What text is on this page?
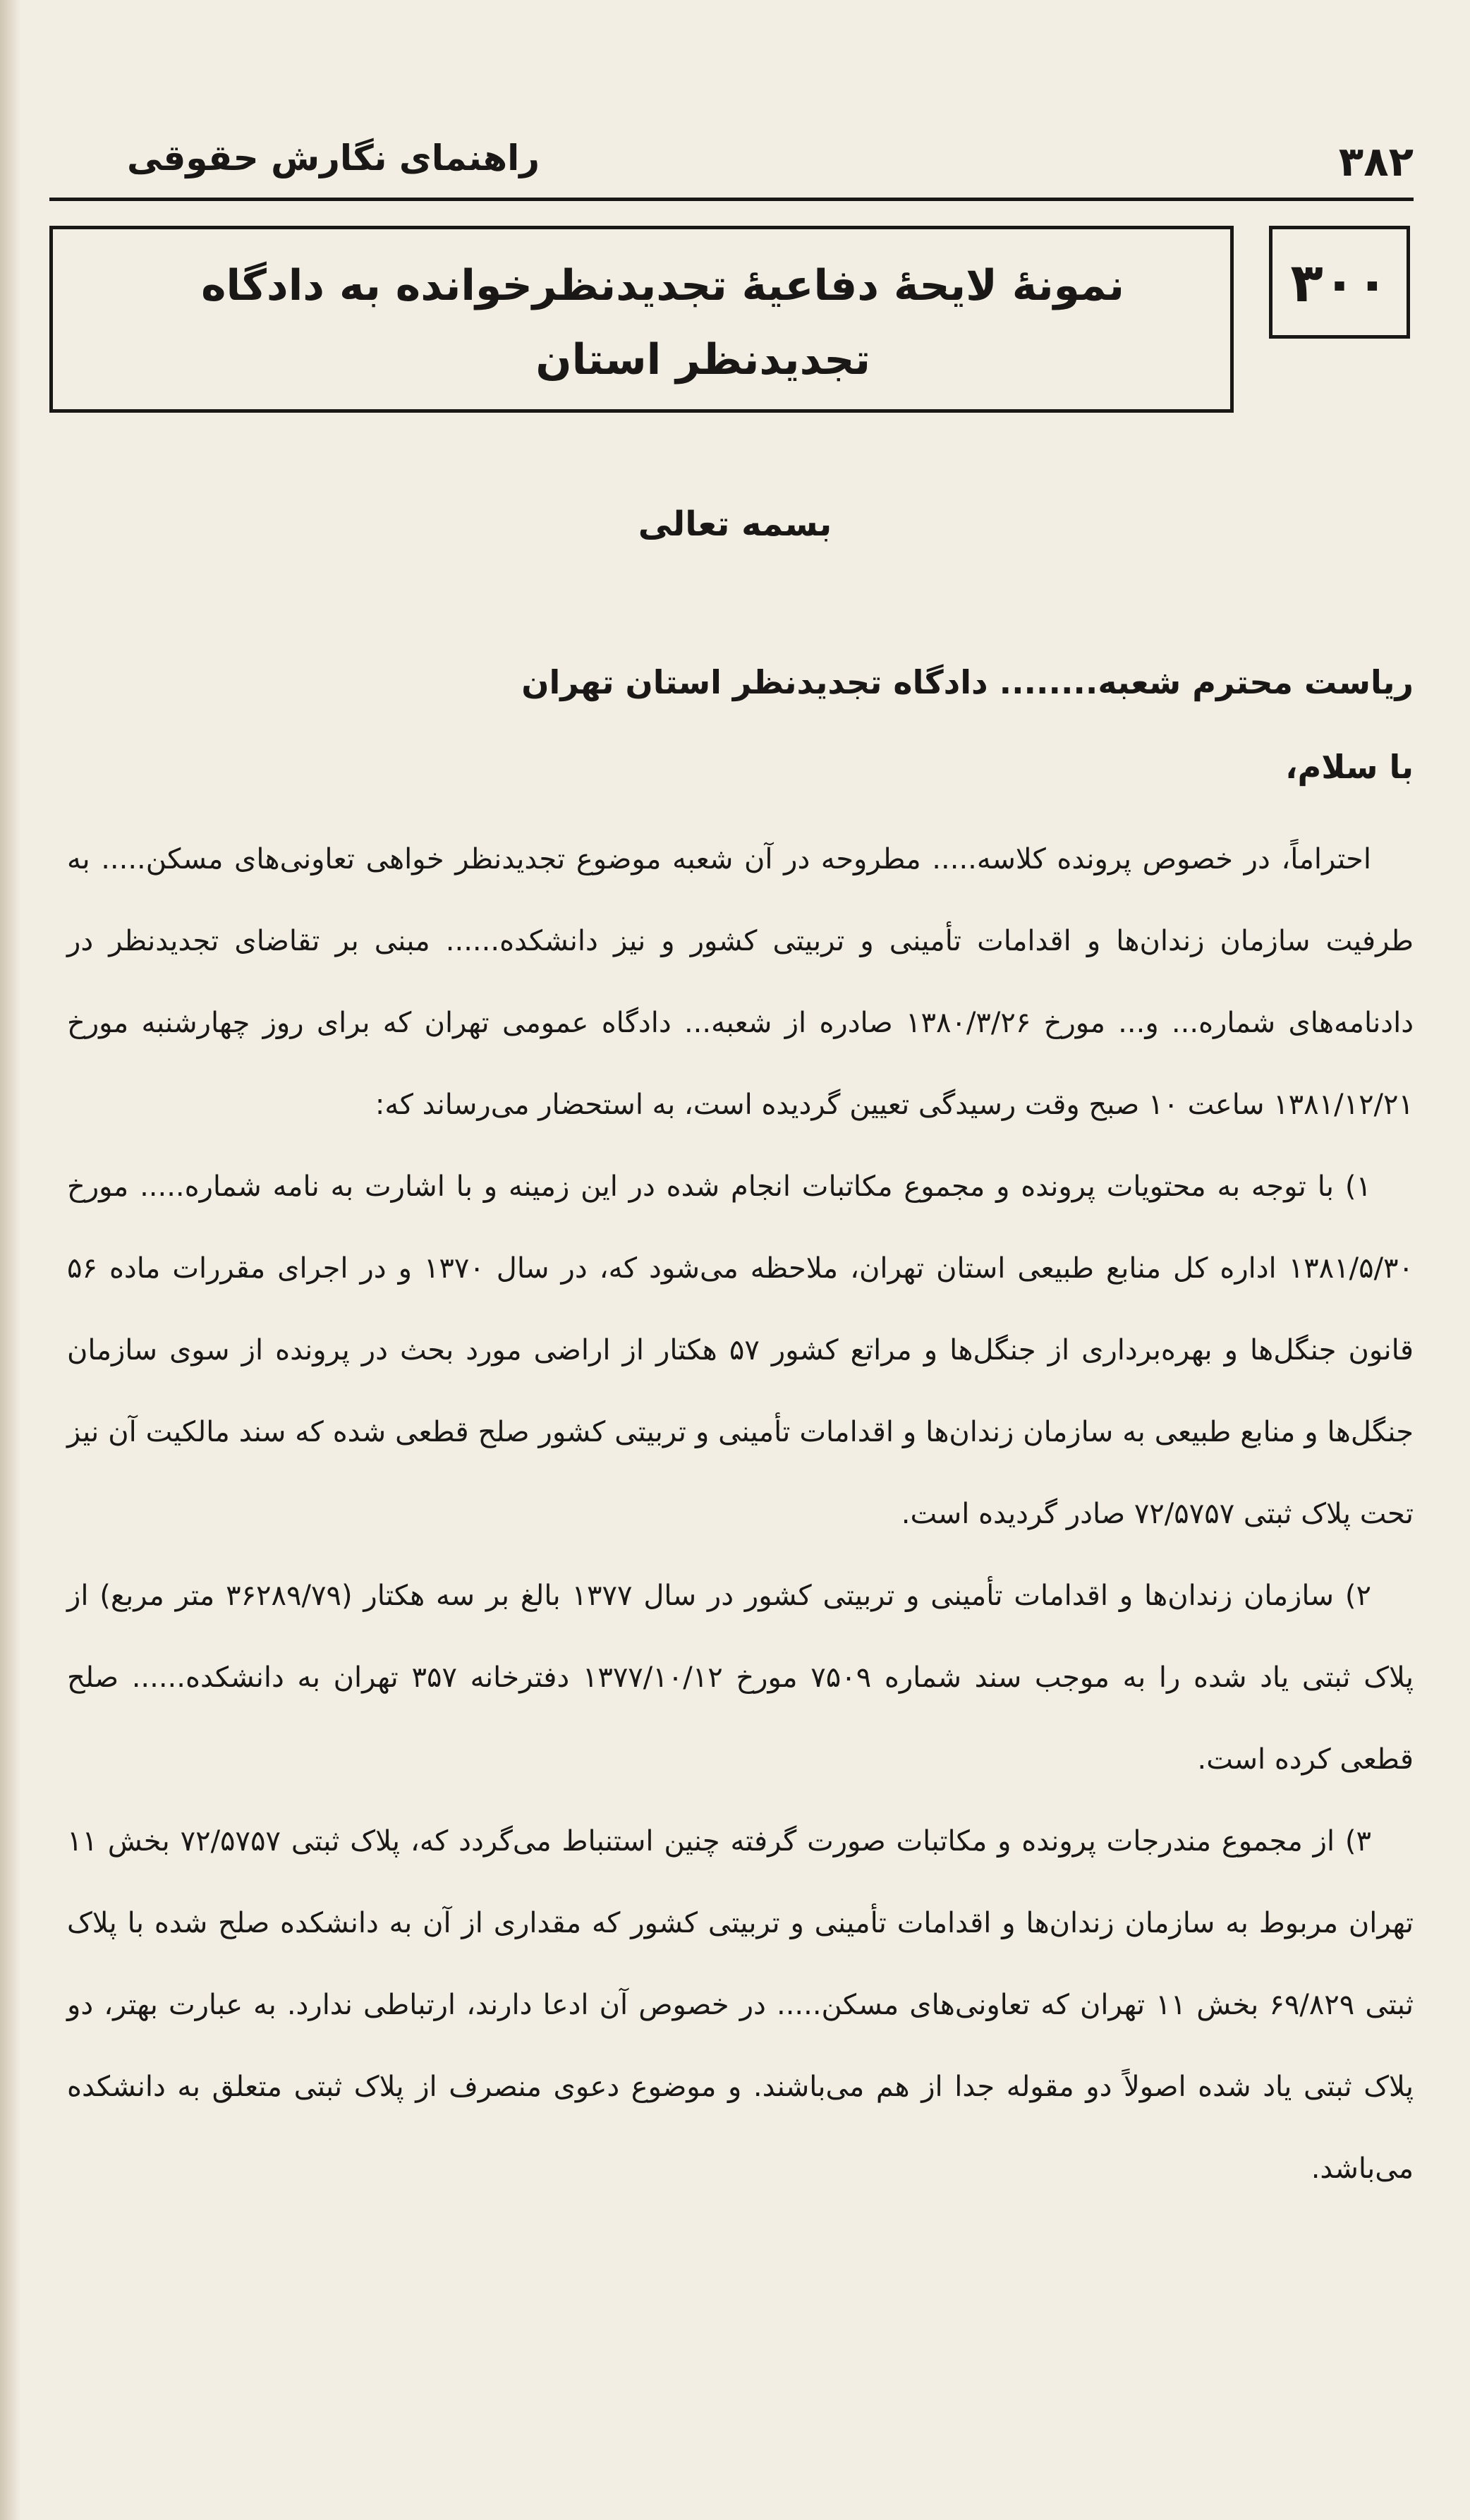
۳۸۲
راهنمای نگارش حقوقی
۳۰۰
نمونۀ لایحۀ دفاعیۀ تجدیدنظرخوانده به دادگاه
تجدیدنظر استان
بسمه تعالی
ریاست محترم شعبه........ دادگاه تجدیدنظر استان تهران
با سلام،

احتراماً، در خصوص پرونده کلاسه..... مطروحه در آن شعبه موضوع تجدیدنظر خواهی تعاونی‌های مسکن..... به طرفیت سازمان زندان‌ها و اقدامات تأمینی و تربیتی کشور و نیز دانشکده...... مبنی بر تقاضای تجدیدنظر در دادنامه‌های شماره... و... مورخ ۱۳۸۰/۳/۲۶ صادره از شعبه... دادگاه عمومی تهران که برای روز چهارشنبه مورخ ۱۳۸۱/۱۲/۲۱ ساعت ۱۰ صبح وقت رسیدگی تعیین گردیده است، به استحضار می‌رساند که:

۱) با توجه به محتویات پرونده و مجموع مکاتبات انجام شده در این زمینه و با اشارت به نامه شماره..... مورخ ۱۳۸۱/۵/۳۰ اداره کل منابع طبیعی استان تهران، ملاحظه می‌شود که، در سال ۱۳۷۰ و در اجرای مقررات ماده ۵۶ قانون جنگل‌ها و بهره‌برداری از جنگل‌ها و مراتع کشور ۵۷ هکتار از اراضی مورد بحث در پرونده از سوی سازمان جنگل‌ها و منابع طبیعی به سازمان زندان‌ها و اقدامات تأمینی و تربیتی کشور صلح قطعی شده که سند مالکیت آن نیز تحت پلاک ثبتی ۷۲/۵۷۵۷ صادر گردیده است.

۲) سازمان زندان‌ها و اقدامات تأمینی و تربیتی کشور در سال ۱۳۷۷ بالغ بر سه هکتار (۳۶۲۸۹/۷۹ متر مربع) از پلاک ثبتی یاد شده را به موجب سند شماره ۷۵۰۹ مورخ ۱۳۷۷/۱۰/۱۲ دفترخانه ۳۵۷ تهران به دانشکده...... صلح قطعی کرده است.

۳) از مجموع مندرجات پرونده و مکاتبات صورت گرفته چنین استنباط می‌گردد که، پلاک ثبتی ۷۲/۵۷۵۷ بخش ۱۱ تهران مربوط به سازمان زندان‌ها و اقدامات تأمینی و تربیتی کشور که مقداری از آن به دانشکده صلح شده با پلاک ثبتی ۶۹/۸۲۹ بخش ۱۱ تهران که تعاونی‌های مسکن..... در خصوص آن ادعا دارند، ارتباطی ندارد. به عبارت بهتر، دو پلاک ثبتی یاد شده اصولاً دو مقوله جدا از هم می‌باشند. و موضوع دعوی منصرف از پلاک ثبتی متعلق به دانشکده می‌باشد.
